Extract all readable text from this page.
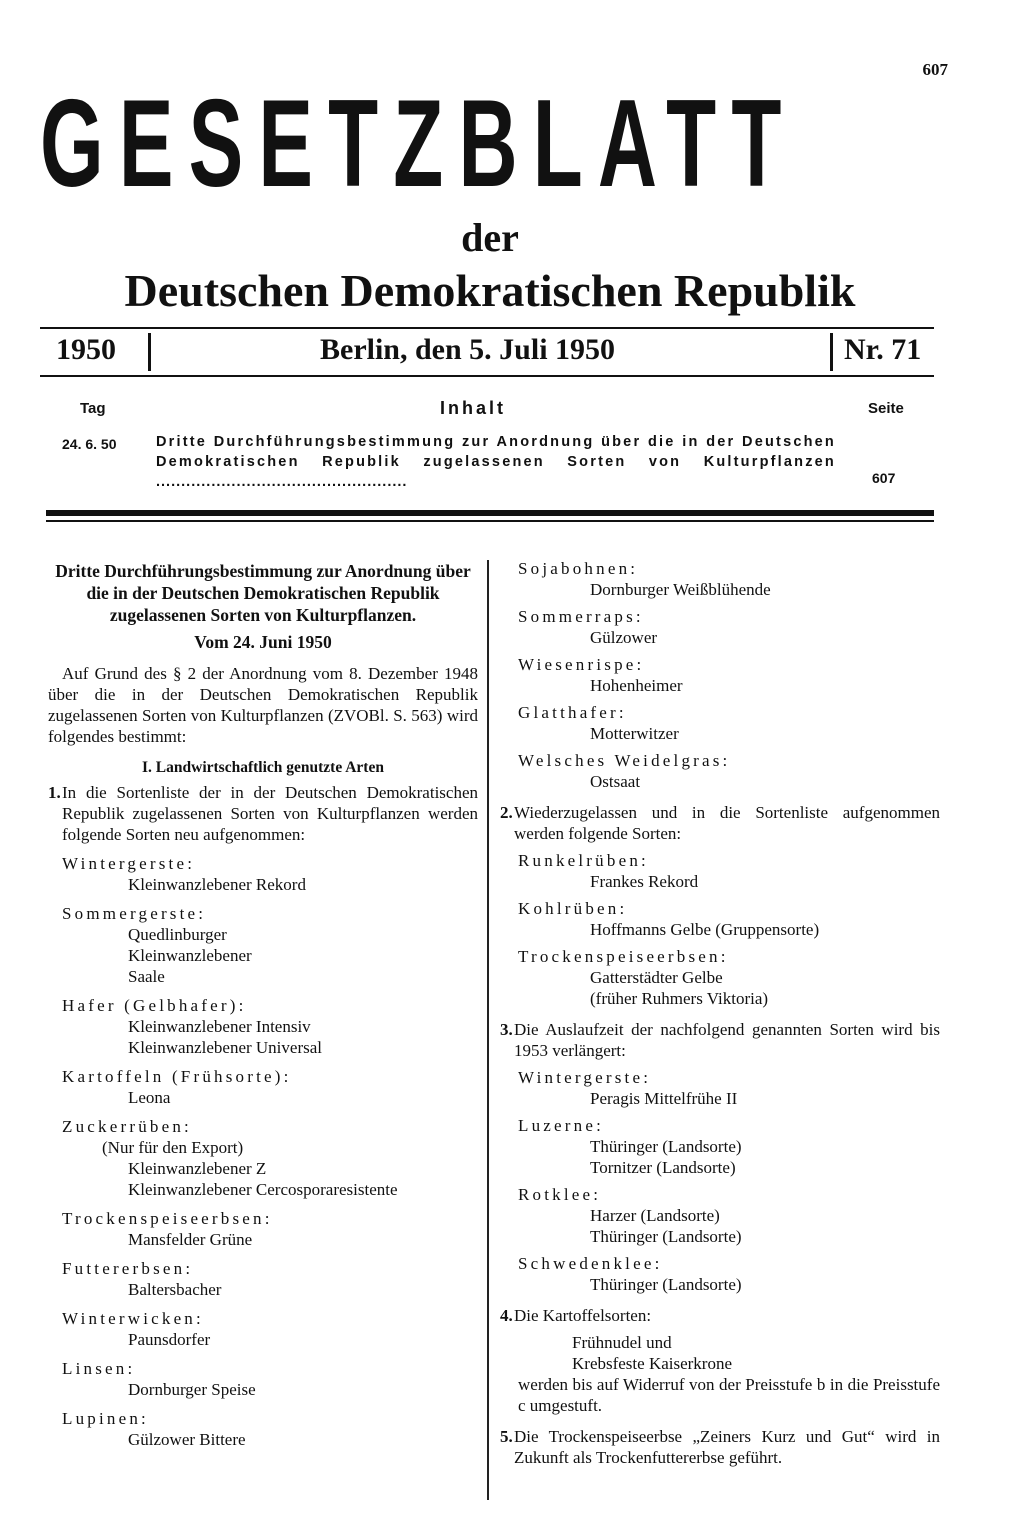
607
GESETZBLATT
der
Deutschen Demokratischen Republik
1950	Berlin, den 5. Juli 1950	Nr. 71
Tag	Inhalt	Seite
24. 6. 50	Dritte Durchführungsbestimmung zur Anordnung über die in der Deutschen Demokratischen Republik zugelassenen Sorten von Kulturpflanzen ..................................................	607
Dritte Durchführungsbestimmung zur Anordnung über die in der Deutschen Demokratischen Republik zugelassenen Sorten von Kulturpflanzen.
Vom 24. Juni 1950
Auf Grund des § 2 der Anordnung vom 8. Dezember 1948 über die in der Deutschen Demokratischen Republik zugelassenen Sorten von Kulturpflanzen (ZVOBl. S. 563) wird folgendes bestimmt:
I. Landwirtschaftlich genutzte Arten
1. In die Sortenliste der in der Deutschen Demokratischen Republik zugelassenen Sorten von Kulturpflanzen werden folgende Sorten neu aufgenommen:
Wintergerste:
Kleinwanzlebener Rekord
Sommergerste:
Quedlinburger
Kleinwanzlebener
Saale
Hafer (Gelbhafer):
Kleinwanzlebener Intensiv
Kleinwanzlebener Universal
Kartoffeln (Frühsorte):
Leona
Zuckerrüben:
(Nur für den Export)
Kleinwanzlebener Z
Kleinwanzlebener Cercosporaresistente
Trockenspeiseerbsen:
Mansfelder Grüne
Futtererbsen:
Baltersbacher
Winterwicken:
Paunsdorfer
Linsen:
Dornburger Speise
Lupinen:
Gülzower Bittere
Sojabohnen:
Dornburger Weißblühende
Sommerraps:
Gülzower
Wiesenrispe:
Hohenheimer
Glatthafer:
Motterwitzer
Welsches Weidelgras:
Ostsaat
2. Wiederzugelassen und in die Sortenliste aufgenommen werden folgende Sorten:
Runkelrüben:
Frankes Rekord
Kohlrüben:
Hoffmanns Gelbe (Gruppensorte)
Trockenspeiseerbsen:
Gatterstädter Gelbe
(früher Ruhmers Viktoria)
3. Die Auslaufzeit der nachfolgend genannten Sorten wird bis 1953 verlängert:
Wintergerste:
Peragis Mittelfrühe II
Luzerne:
Thüringer (Landsorte)
Tornitzer (Landsorte)
Rotklee:
Harzer (Landsorte)
Thüringer (Landsorte)
Schwedenklee:
Thüringer (Landsorte)
4. Die Kartoffelsorten:
Frühnudel und
Krebsfeste Kaiserkrone
werden bis auf Widerruf von der Preisstufe b in die Preisstufe c umgestuft.
5. Die Trockenspeiseerbse „Zeiners Kurz und Gut“ wird in Zukunft als Trockenfuttererbse geführt.
